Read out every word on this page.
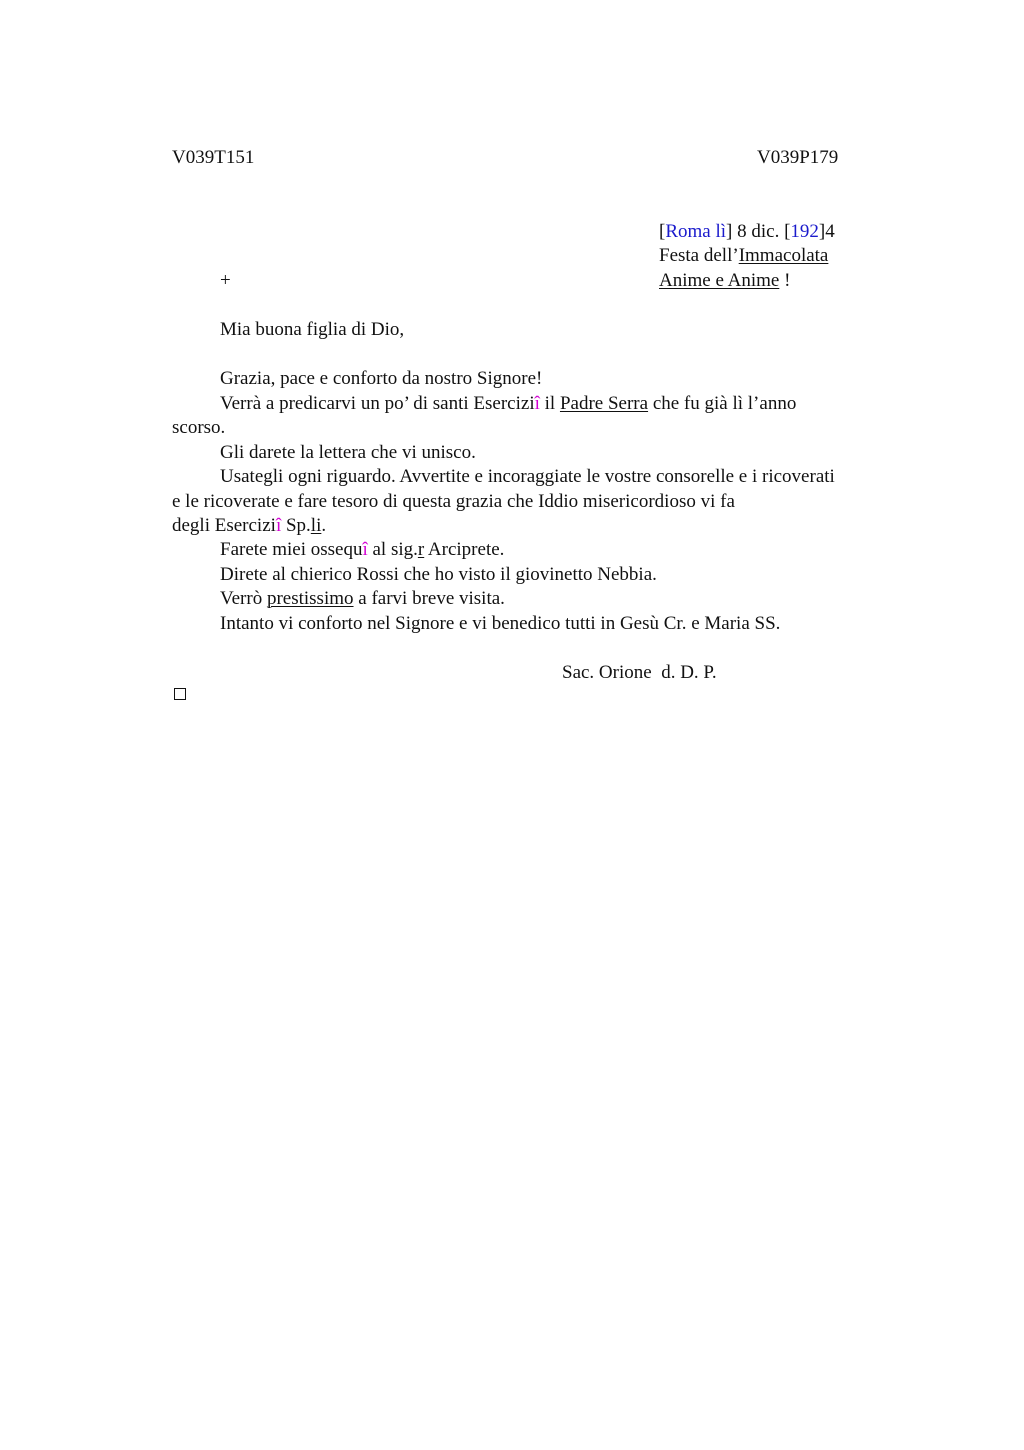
V039T151	V039P179
[Roma lì] 8 dic. [192]4
Festa dell’Immacolata
Anime e Anime !
+
Mia buona figlia di Dio,
Grazia, pace e conforto da nostro Signore!
Verrà a predicarvi un po’ di santi Eserciziî il Padre Serra che fu già lì l’anno
scorso.
Gli darete la lettera che vi unisco.
Usategli ogni riguardo. Avvertite e incoraggiate le vostre consorelle e i ricoverati
e le ricoverate e fare tesoro di questa grazia che Iddio misericordioso vi fa
degli Eserciziî Sp.li.
Farete miei ossequî al sig.r Arciprete.
Direte al chierico Rossi che ho visto il giovinetto Nebbia.
Verrò prestissimo a farvi breve visita.
Intanto vi conforto nel Signore e vi benedico tutti in Gesù Cr. e Maria SS.
Sac. Orione  d. D. P.
